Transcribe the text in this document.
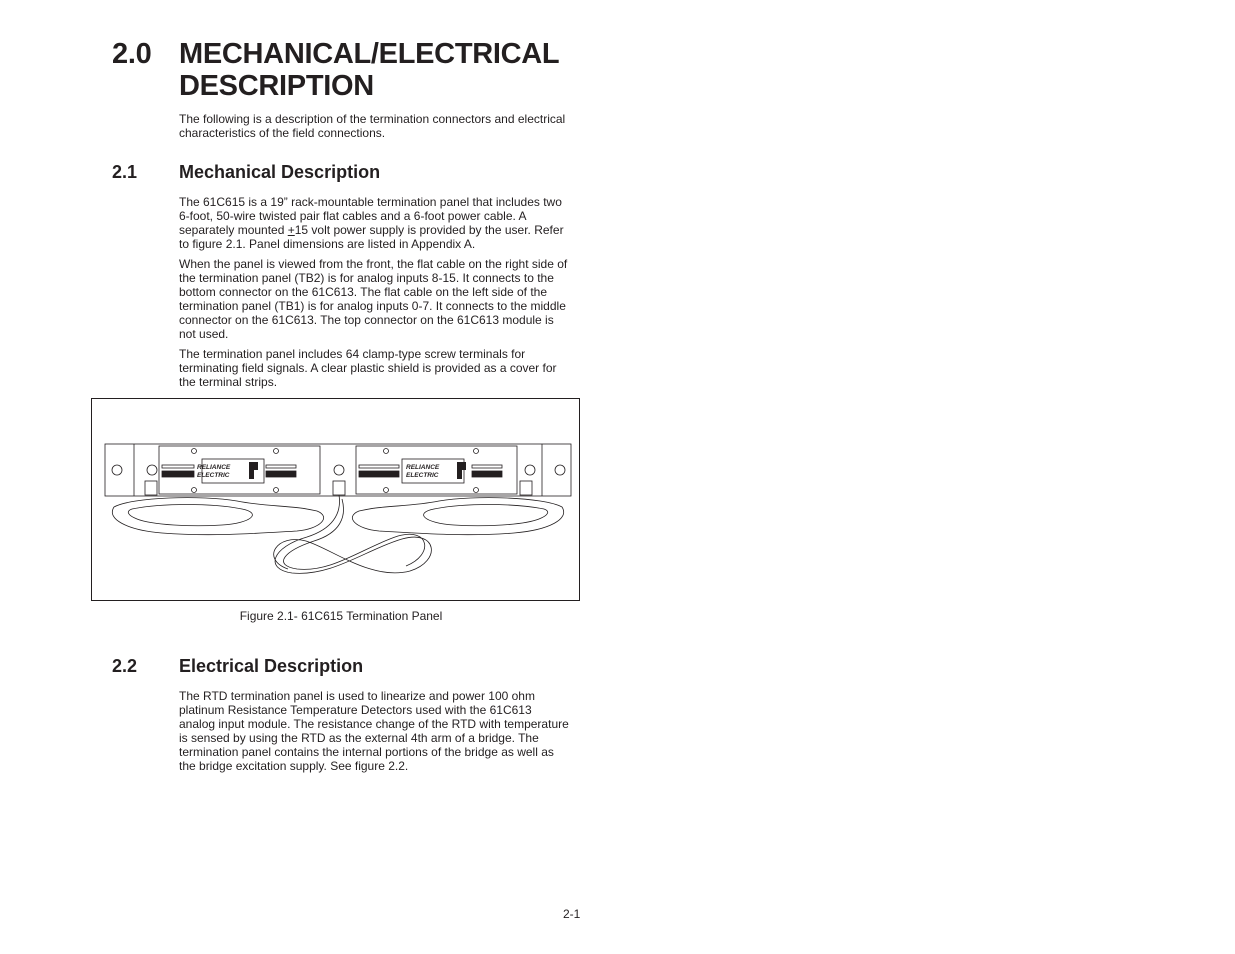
2.0 MECHANICAL/ELECTRICAL DESCRIPTION

The following is a description of the termination connectors and electrical characteristics of the field connections.

2.1 Mechanical Description

The 61C615 is a 19” rack-mountable termination panel that includes two 6-foot, 50-wire twisted pair flat cables and a 6-foot power cable. A separately mounted +15 volt power supply is provided by the user. Refer to figure 2.1. Panel dimensions are listed in Appendix A.

When the panel is viewed from the front, the flat cable on the right side of the termination panel (TB2) is for analog inputs 8-15. It connects to the bottom connector on the 61C613. The flat cable on the left side of the termination panel (TB1) is for analog inputs 0-7. It connects to the middle connector on the 61C613. The top connector on the 61C613 module is not used.

The termination panel includes 64 clamp-type screw terminals for terminating field signals. A clear plastic shield is provided as a cover for the terminal strips.

RELIANCE
ELECTRIC
RELIANCE
ELECTRIC

Figure 2.1- 61C615 Termination Panel

2.2 Electrical Description

The RTD termination panel is used to linearize and power 100 ohm platinum Resistance Temperature Detectors used with the 61C613 analog input module. The resistance change of the RTD with temperature is sensed by using the RTD as the external 4th arm of a bridge. The termination panel contains the internal portions of the bridge as well as the bridge excitation supply. See figure 2.2.

2-1
